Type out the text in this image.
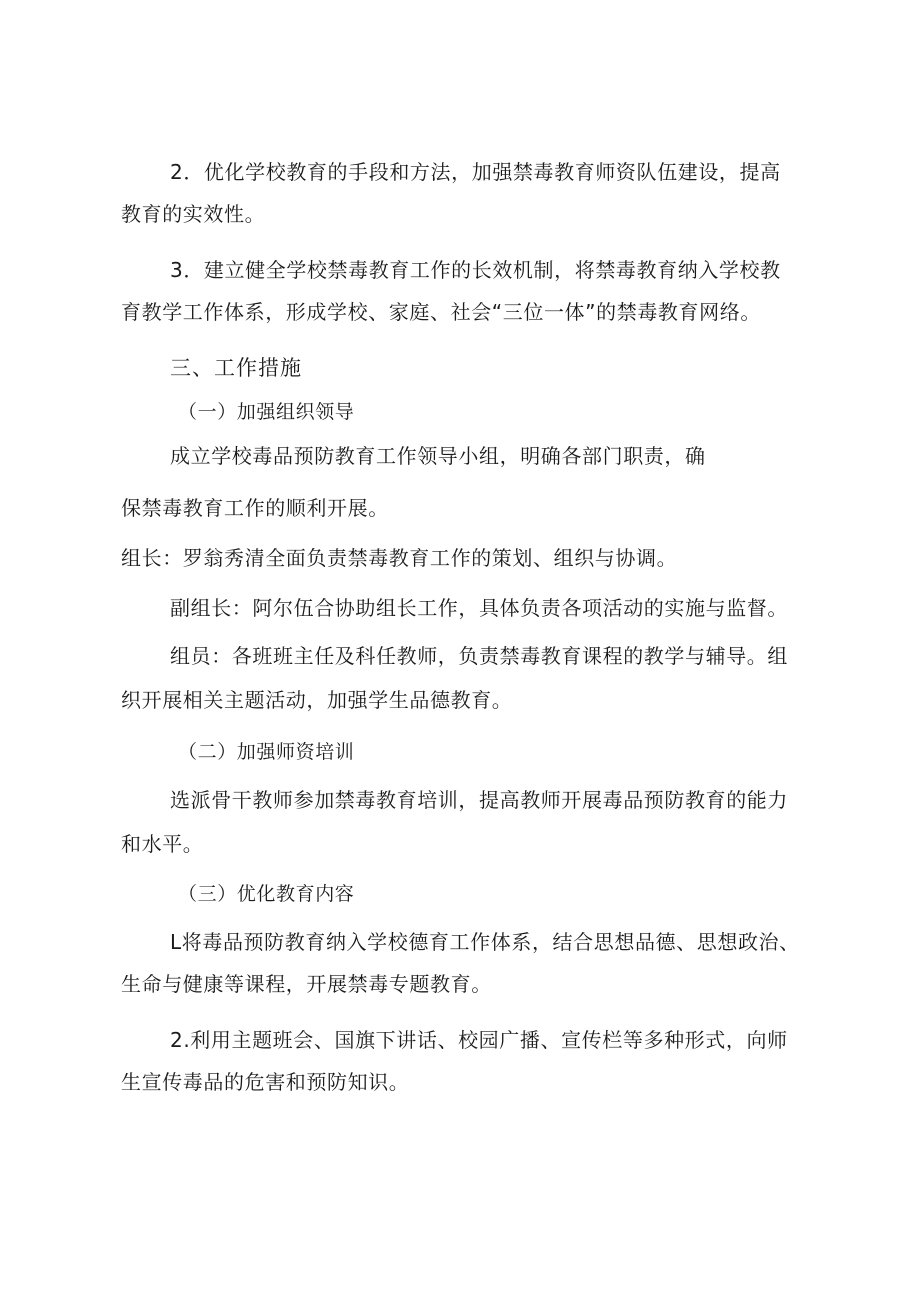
2．优化学校教育的手段和方法，加强禁毒教育师资队伍建设，提高
教育的实效性。
3．建立健全学校禁毒教育工作的长效机制，将禁毒教育纳入学校教
育教学工作体系，形成学校、家庭、社会“三位一体”的禁毒教育网络。
三、工作措施
（一）加强组织领导
成立学校毒品预防教育工作领导小组，明确各部门职责，确
保禁毒教育工作的顺利开展。
组长：罗翁秀清全面负责禁毒教育工作的策划、组织与协调。
副组长：阿尔伍合协助组长工作，具体负责各项活动的实施与监督。
组员：各班班主任及科任教师，负责禁毒教育课程的教学与辅导。组
织开展相关主题活动，加强学生品德教育。
（二）加强师资培训
选派骨干教师参加禁毒教育培训，提高教师开展毒品预防教育的能力
和水平。
（三）优化教育内容
L将毒品预防教育纳入学校德育工作体系，结合思想品德、思想政治、
生命与健康等课程，开展禁毒专题教育。
2.利用主题班会、国旗下讲话、校园广播、宣传栏等多种形式，向师
生宣传毒品的危害和预防知识。
